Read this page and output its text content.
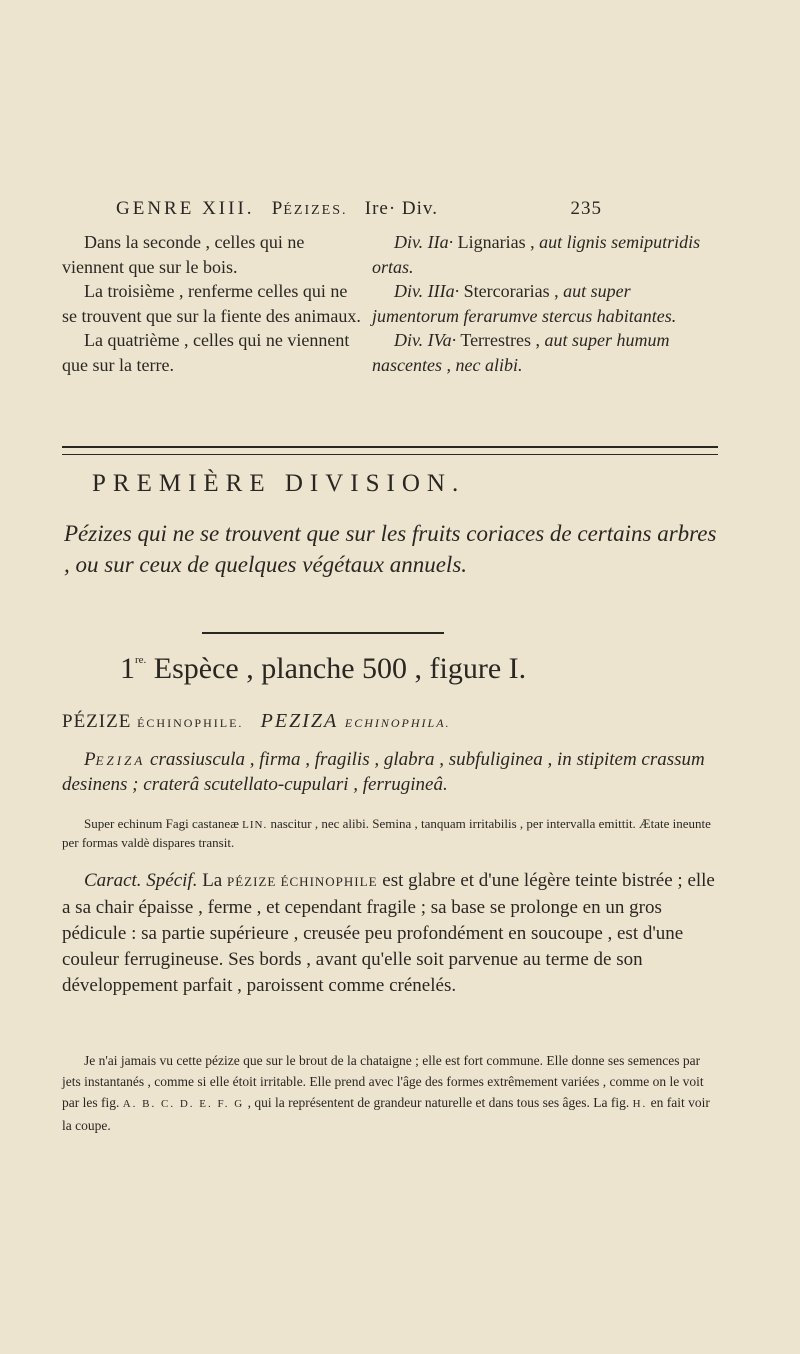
GENRE XIII. PÉZIZES. Ire· Div.	235

Dans la seconde , celles qui ne viennent que sur le bois.

La troisième , renferme celles qui ne se trouvent que sur la fiente des animaux.

La quatrième , celles qui ne viennent que sur la terre.

Div. IIa· Lignarias , aut lignis semiputridis ortas.

Div. IIIa· Stercorarias , aut super jumentorum ferarumve stercus habitantes.

Div. IVa· Terrestres , aut super humum nascentes , nec alibi.

PREMIÈRE DIVISION.
Pézizes qui ne se trouvent que sur les fruits coriaces de certains arbres , ou sur ceux de quelques végétaux annuels.
$1^{re.}$ Espèce , planche 500 , figure I.
PÉZIZE ÉCHINOPHILE. PEZIZA ECHINOPHILA.

PEZIZA crassiuscula , firma , fragilis , glabra , subfuliginea , in stipitem crassum desinens ; craterâ scutellato-cupulari , ferrugineâ.

Super echinum Fagi castaneæ LIN. nascitur , nec alibi. Semina , tanquam irritabilis , per intervalla emittit. Ætate ineunte per formas valdè dispares transit.

Caract. Spécif. La PÉZIZE ÉCHINOPHILE est glabre et d'une légère teinte bistrée ; elle a sa chair épaisse , ferme , et cependant fragile ; sa base se prolonge en un gros pédicule : sa partie supérieure , creusée peu profondément en soucoupe , est d'une couleur ferrugineuse. Ses bords , avant qu'elle soit parvenue au terme de son développement parfait , paroissent comme crénelés.

Je n'ai jamais vu cette pézize que sur le brout de la chataigne ; elle est fort commune. Elle donne ses semences par jets instantanés , comme si elle étoit irritable. Elle prend avec l'âge des formes extrêmement variées , comme on le voit par les fig. A. B. C. D. E. F. G , qui la représentent de grandeur naturelle et dans tous ses âges. La fig. H. en fait voir la coupe.
